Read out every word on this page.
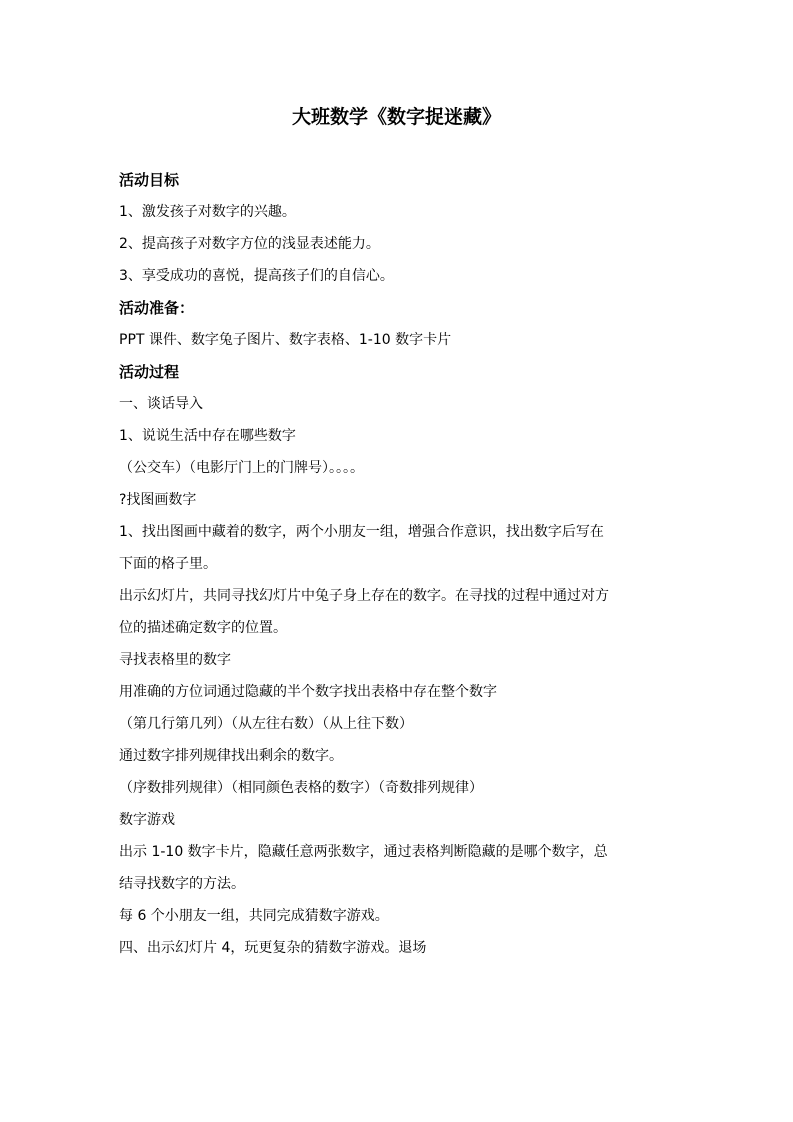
大班数学《数字捉迷藏》
活动目标
1、激发孩子对数字的兴趣。
2、提高孩子对数字方位的浅显表述能力。
3、享受成功的喜悦，提高孩子们的自信心。
活动准备：
PPT 课件、数字兔子图片、数字表格、1-10 数字卡片
活动过程
一、谈话导入
1、说说生活中存在哪些数字
（公交车）（电影厅门上的门牌号）。。。。
?找图画数字
1、找出图画中藏着的数字，两个小朋友一组，增强合作意识，找出数字后写在
下面的格子里。
出示幻灯片，共同寻找幻灯片中兔子身上存在的数字。在寻找的过程中通过对方
位的描述确定数字的位置。
寻找表格里的数字
用准确的方位词通过隐藏的半个数字找出表格中存在整个数字
（第几行第几列）（从左往右数）（从上往下数）
通过数字排列规律找出剩余的数字。
（序数排列规律）（相同颜色表格的数字）（奇数排列规律）
数字游戏
出示 1-10 数字卡片，隐藏任意两张数字，通过表格判断隐藏的是哪个数字，总
结寻找数字的方法。
每 6 个小朋友一组，共同完成猜数字游戏。
四、出示幻灯片 4，玩更复杂的猜数字游戏。退场
